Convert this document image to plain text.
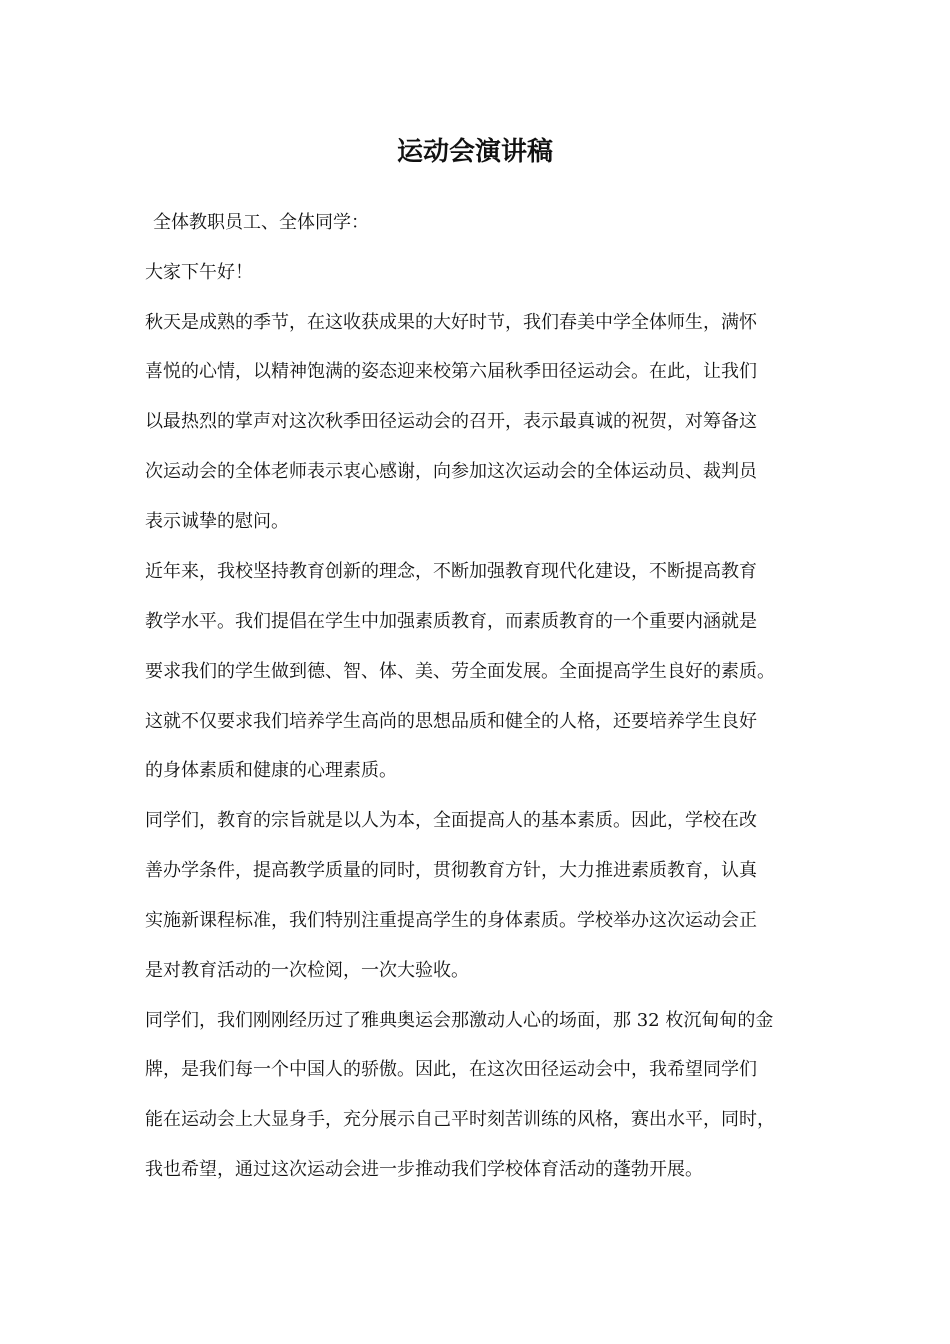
运动会演讲稿

全体教职员工、全体同学：

大家下午好！

秋天是成熟的季节，在这收获成果的大好时节，我们春美中学全体师生，满怀

喜悦的心情，以精神饱满的姿态迎来校第六届秋季田径运动会。在此，让我们

以最热烈的掌声对这次秋季田径运动会的召开，表示最真诚的祝贺，对筹备这

次运动会的全体老师表示衷心感谢，向参加这次运动会的全体运动员、裁判员

表示诚挚的慰问。

近年来，我校坚持教育创新的理念，不断加强教育现代化建设，不断提高教育

教学水平。我们提倡在学生中加强素质教育，而素质教育的一个重要内涵就是

要求我们的学生做到德、智、体、美、劳全面发展。全面提高学生良好的素质。

这就不仅要求我们培养学生高尚的思想品质和健全的人格，还要培养学生良好

的身体素质和健康的心理素质。

同学们，教育的宗旨就是以人为本，全面提高人的基本素质。因此，学校在改

善办学条件，提高教学质量的同时，贯彻教育方针，大力推进素质教育，认真

实施新课程标准，我们特别注重提高学生的身体素质。学校举办这次运动会正

是对教育活动的一次检阅，一次大验收。

同学们，我们刚刚经历过了雅典奥运会那激动人心的场面，那 32 枚沉甸甸的金

牌，是我们每一个中国人的骄傲。因此，在这次田径运动会中，我希望同学们

能在运动会上大显身手，充分展示自己平时刻苦训练的风格，赛出水平，同时，

我也希望，通过这次运动会进一步推动我们学校体育活动的蓬勃开展。
